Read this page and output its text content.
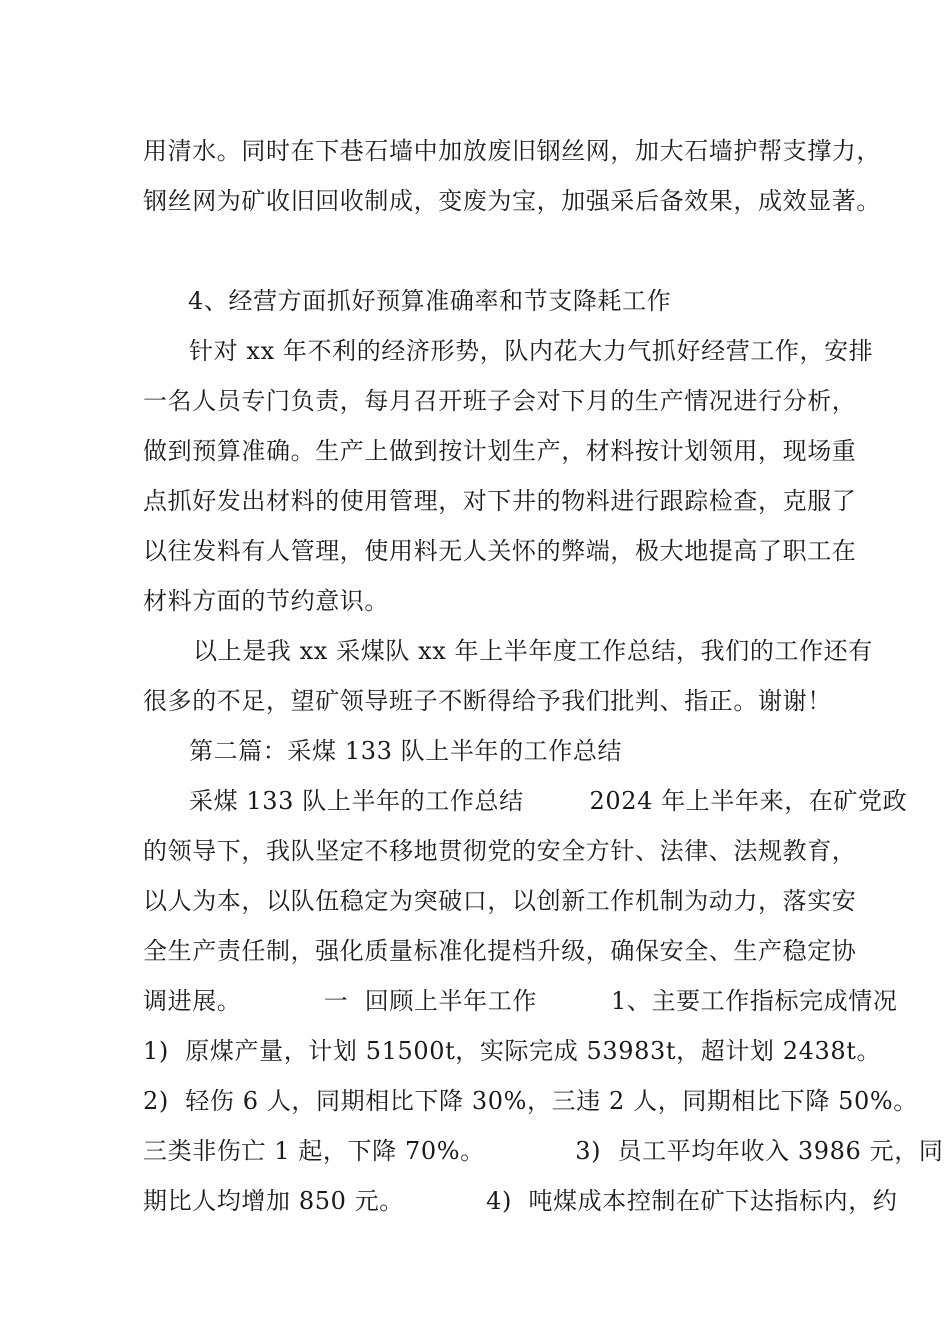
用清水。同时在下巷石墙中加放废旧钢丝网，加大石墙护帮支撑力，
钢丝网为矿收旧回收制成，变废为宝，加强采后备效果，成效显著。
4、经营方面抓好预算准确率和节支降耗工作
针对 xx 年不利的经济形势，队内花大力气抓好经营工作，安排
一名人员专门负责，每月召开班子会对下月的生产情况进行分析，
做到预算准确。生产上做到按计划生产，材料按计划领用，现场重
点抓好发出材料的使用管理，对下井的物料进行跟踪检查，克服了
以往发料有人管理，使用料无人关怀的弊端，极大地提高了职工在
材料方面的节约意识。
以上是我 xx 采煤队 xx 年上半年度工作总结，我们的工作还有
很多的不足，望矿领导班子不断得给予我们批判、指正。谢谢！
第二篇：采煤 133 队上半年的工作总结
采煤 133 队上半年的工作总结        2024 年上半年来，在矿党政
的领导下，我队坚定不移地贯彻党的安全方针、法律、法规教育，
以人为本，以队伍稳定为突破口，以创新工作机制为动力，落实安
全生产责任制，强化质量标准化提档升级，确保安全、生产稳定协
调进展。          一  回顾上半年工作         1、主要工作指标完成情况
1)  原煤产量，计划 51500t，实际完成 53983t，超计划 2438t。
2)  轻伤 6 人，同期相比下降 30%，三违 2 人，同期相比下降 50%。
三类非伤亡 1 起，下降 70%。           3)  员工平均年收入 3986 元，同
期比人均增加 850 元。          4)  吨煤成本控制在矿下达指标内，约
